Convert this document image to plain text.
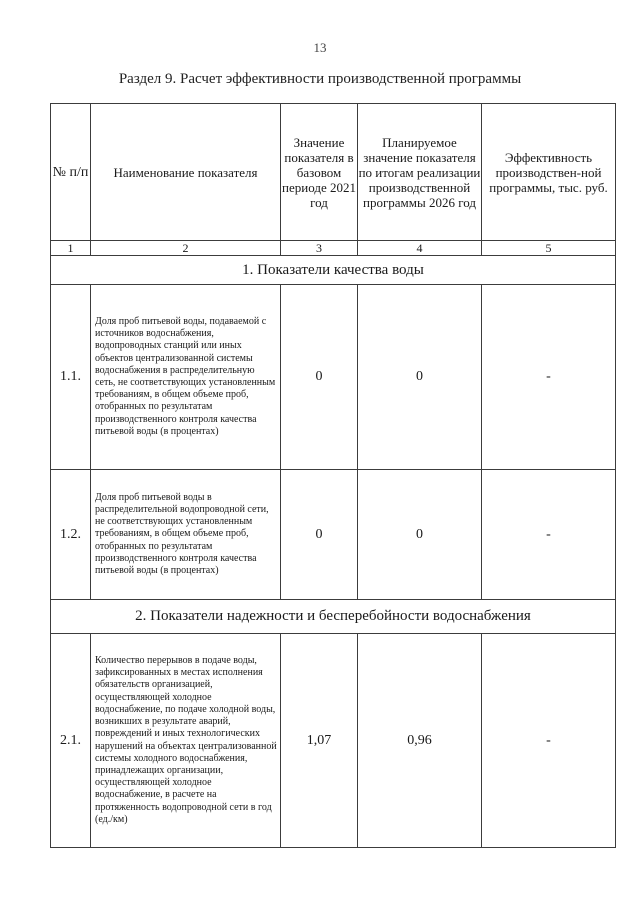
13
Раздел 9. Расчет эффективности производственной программы
№ п/п	Наименование показателя	Значение показателя в базовом периоде 2021 год	Планируемое значение показателя по итогам реализации производственной программы 2026 год	Эффективность производствен-ной программы, тыс. руб.
1	2	3	4	5
1. Показатели качества воды				
1.1.	Доля проб питьевой воды, подаваемой с источников водоснабжения, водопроводных станций или иных объектов централизованной системы водоснабжения в распределительную сеть, не соответствующих установленным требованиям, в общем объеме проб, отобранных по результатам производственного контроля качества питьевой воды (в процентах)	0	0	-
1.2.	Доля проб питьевой воды в распределительной водопроводной сети, не соответствующих установленным требованиям, в общем объеме проб, отобранных по результатам производственного контроля качества питьевой воды (в процентах)	0	0	-
2. Показатели надежности и бесперебойности водоснабжения				
2.1.	Количество перерывов в подаче воды, зафиксированных в местах исполнения обязательств организацией, осуществляющей холодное водоснабжение, по подаче холодной воды, возникших в результате аварий, повреждений и иных технологических нарушений на объектах централизованной системы холодного водоснабжения, принадлежащих организации, осуществляющей холодное водоснабжение, в расчете на протяженность водопроводной сети в год (ед./км)	1,07	0,96	-
